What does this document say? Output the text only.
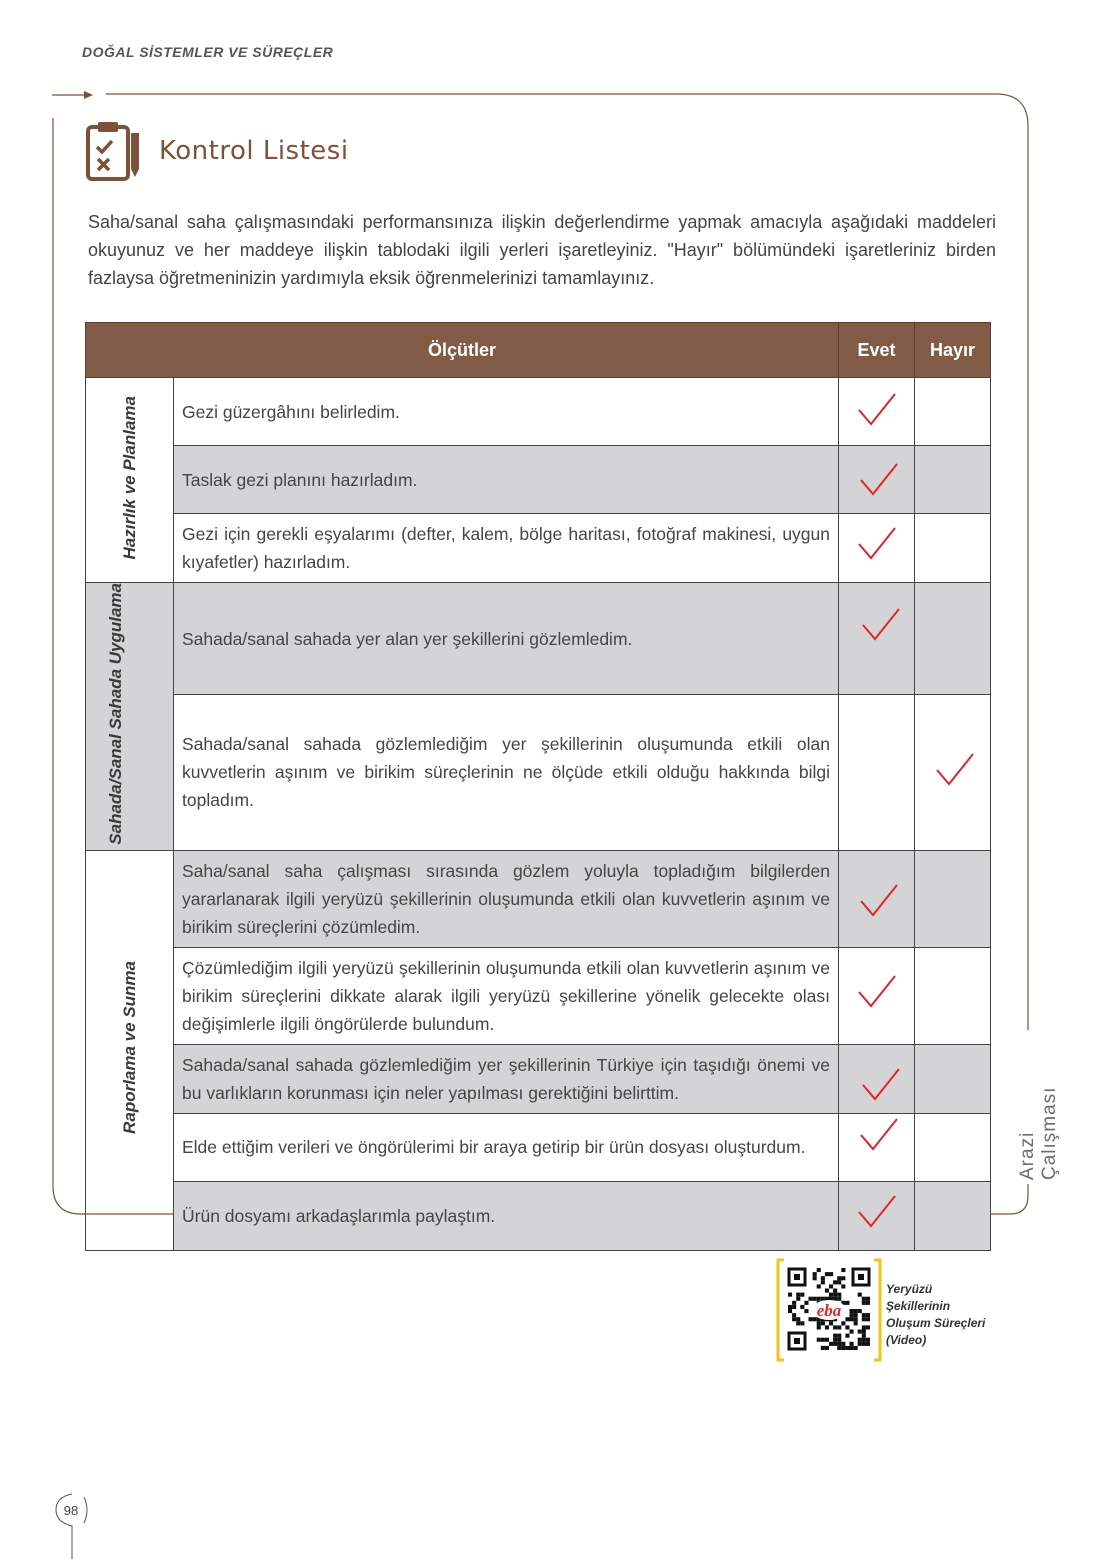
DOĞAL SİSTEMLER VE SÜREÇLER
Kontrol Listesi
Saha/sanal saha çalışmasındaki performansınıza ilişkin değerlendirme yapmak amacıyla aşağıdaki maddeleri okuyunuz ve her maddeye ilişkin tablodaki ilgili yerleri işaretleyiniz. "Hayır" bölümündeki işaretleriniz birden fazlaysa öğretmeninizin yardımıyla eksik öğrenmelerinizi tamamlayınız.
Ölçütler		Evet	Hayır
Hazırlık ve Planlama	Gezi güzergâhını belirledim.	

	Taslak gezi planını hazırladım.	

	Gezi için gerekli eşyalarımı (defter, kalem, bölge haritası, fotoğraf makinesi, uygun kıyafetler) hazırladım.	

Sahada/Sanal Sahada Uygulama	Sahada/sanal sahada yer alan yer şekillerini gözlemledim.	

	Sahada/sanal sahada gözlemlediğim yer şekillerinin oluşumunda etkili olan kuvvetlerin aşınım ve birikim süreçlerinin ne ölçüde etkili olduğu hakkında bilgi topladım.		

Raporlama ve Sunma	Saha/sanal saha çalışması sırasında gözlem yoluyla topladığım bilgilerden yararlanarak ilgili yeryüzü şekillerinin oluşumunda etkili olan kuvvetlerin aşınım ve birikim süreçlerini çözümledim.	

	Çözümlediğim ilgili yeryüzü şekillerinin oluşumunda etkili olan kuvvetlerin aşınım ve birikim süreçlerini dikkate alarak ilgili yeryüzü şekillerine yönelik gelecekte olası değişimlerle ilgili öngörülerde bulundum.	

	Sahada/sanal sahada gözlemlediğim yer şekillerinin Türkiye için taşıdığı önemi ve bu varlıkların korunması için neler yapılması gerektiğini belirttim.	

	Elde ettiğim verileri ve öngörülerimi bir araya getirip bir ürün dosyası oluşturdum.	

	Ürün dosyamı arkadaşlarımla paylaştım.	

Arazi Çalışması
eba
Yeryüzü
Şekillerinin
Oluşum Süreçleri
(Video)
98
